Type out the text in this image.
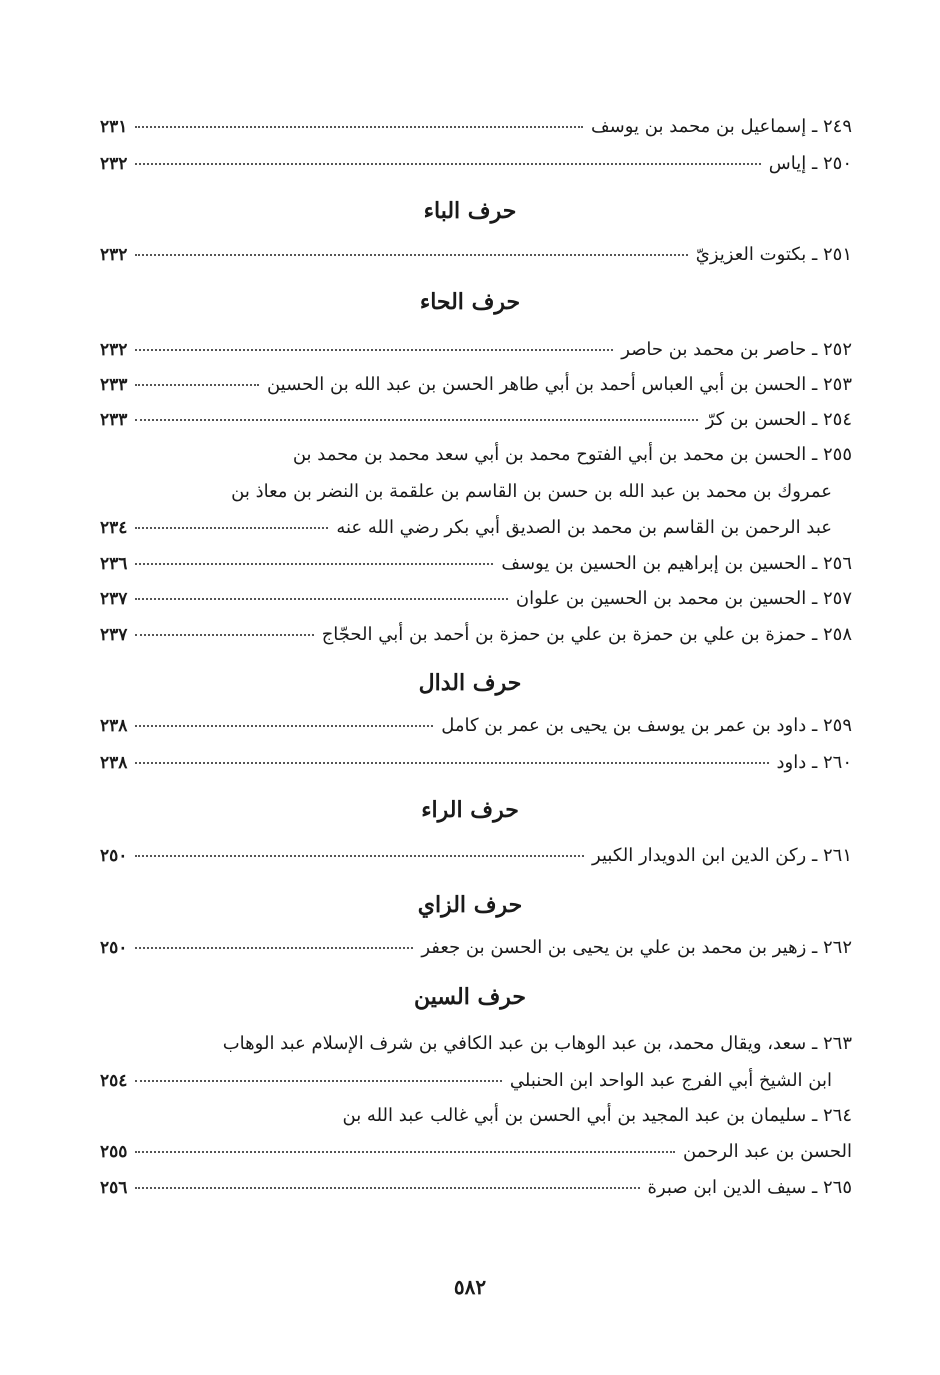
٢٤٩ ـ إسماعيل بن محمد بن يوسف
٢٣١
٢٥٠ ـ إياس
٢٣٢
حرف الباء
٢٥١ ـ بكتوت العزيزيّ
٢٣٢
حرف الحاء
٢٥٢ ـ حاصر بن محمد بن حاصر
٢٣٢
٢٥٣ ـ الحسن بن أبي العباس أحمد بن أبي طاهر الحسن بن عبد الله بن الحسين
٢٣٣
٢٥٤ ـ الحسن بن كرّ
٢٣٣
٢٥٥ ـ الحسن بن محمد بن أبي الفتوح محمد بن أبي سعد محمد بن محمد بن
عمروك بن محمد بن عبد الله بن حسن بن القاسم بن علقمة بن النضر بن معاذ بن
عبد الرحمن بن القاسم بن محمد بن الصديق أبي بكر رضي الله عنه
٢٣٤
٢٥٦ ـ الحسين بن إبراهيم بن الحسين بن يوسف
٢٣٦
٢٥٧ ـ الحسين بن محمد بن الحسين بن علوان
٢٣٧
٢٥٨ ـ حمزة بن علي بن حمزة بن علي بن حمزة بن أحمد بن أبي الحجّاج
٢٣٧
حرف الدال
٢٥٩ ـ داود بن عمر بن يوسف بن يحيى بن عمر بن كامل
٢٣٨
٢٦٠ ـ داود
٢٣٨
حرف الراء
٢٦١ ـ ركن الدين ابن الدويدار الكبير
٢٥٠
حرف الزاي
٢٦٢ ـ زهير بن محمد بن علي بن يحيى بن الحسن بن جعفر
٢٥٠
حرف السين
٢٦٣ ـ سعد، ويقال محمد، بن عبد الوهاب بن عبد الكافي بن شرف الإسلام عبد الوهاب
ابن الشيخ أبي الفرج عبد الواحد ابن الحنبلي
٢٥٤
٢٦٤ ـ سليمان بن عبد المجيد بن أبي الحسن بن أبي غالب عبد الله بن
الحسن بن عبد الرحمن
٢٥٥
٢٦٥ ـ سيف الدين ابن صبرة
٢٥٦
٥٨٢
